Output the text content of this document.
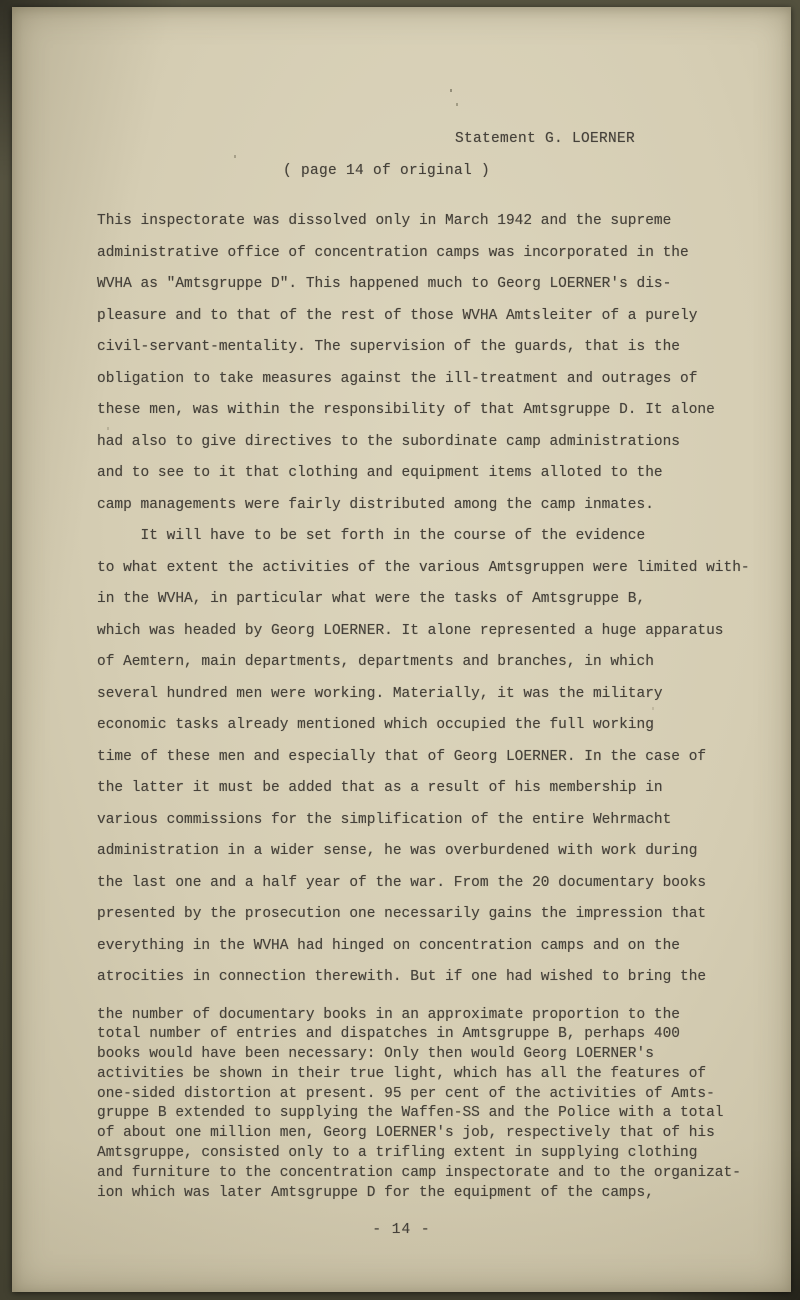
Statement G. LOERNER
( page 14 of original )
This inspectorate was dissolved only in March 1942 and the supreme
administrative office of concentration camps was incorporated in the
WVHA as "Amtsgruppe D". This happened much to Georg LOERNER's dis-
pleasure and to that of the rest of those WVHA Amtsleiter of a purely
civil-servant-mentality. The supervision of the guards, that is the
obligation to take measures against the ill-treatment and outrages of
these men, was within the responsibility of that Amtsgruppe D. It alone
had also to give directives to the subordinate camp administrations
and to see to it that clothing and equipment items alloted to the
camp managements were fairly distributed among the camp inmates.
It will have to be set forth in the course of the evidence
to what extent the activities of the various Amtsgruppen were limited with-
in the WVHA, in particular what were the tasks of Amtsgruppe B,
which was headed by Georg LOERNER. It alone represented a huge apparatus
of Aemtern, main departments, departments and branches, in which
several hundred men were working. Materially, it was the military
economic tasks already mentioned which occupied the full working
time of these men and especially that of Georg LOERNER. In the case of
the latter it must be added that as a result of his membership in
various commissions for the simplification of the entire Wehrmacht
administration in a wider sense, he was overburdened with work during
the last one and a half year of the war. From the 20 documentary books
presented by the prosecution one necessarily gains the impression that
everything in the WVHA had hinged on concentration camps and on the
atrocities in connection therewith. But if one had wished to bring the
the number of documentary books in an approximate proportion to the
total number of entries and dispatches in Amtsgruppe B, perhaps 400
books would have been necessary: Only then would Georg LOERNER's
activities be shown in their true light, which has all the features of
one-sided distortion at present. 95 per cent of the activities of Amts-
gruppe B extended to supplying the Waffen-SS and the Police with a total
of about one million men, Georg LOERNER's job, respectively that of his
Amtsgruppe, consisted only to a trifling extent in supplying clothing
and furniture to the concentration camp inspectorate and to the organizat-
ion which was later Amtsgruppe D for the equipment of the camps,
- 14 -
